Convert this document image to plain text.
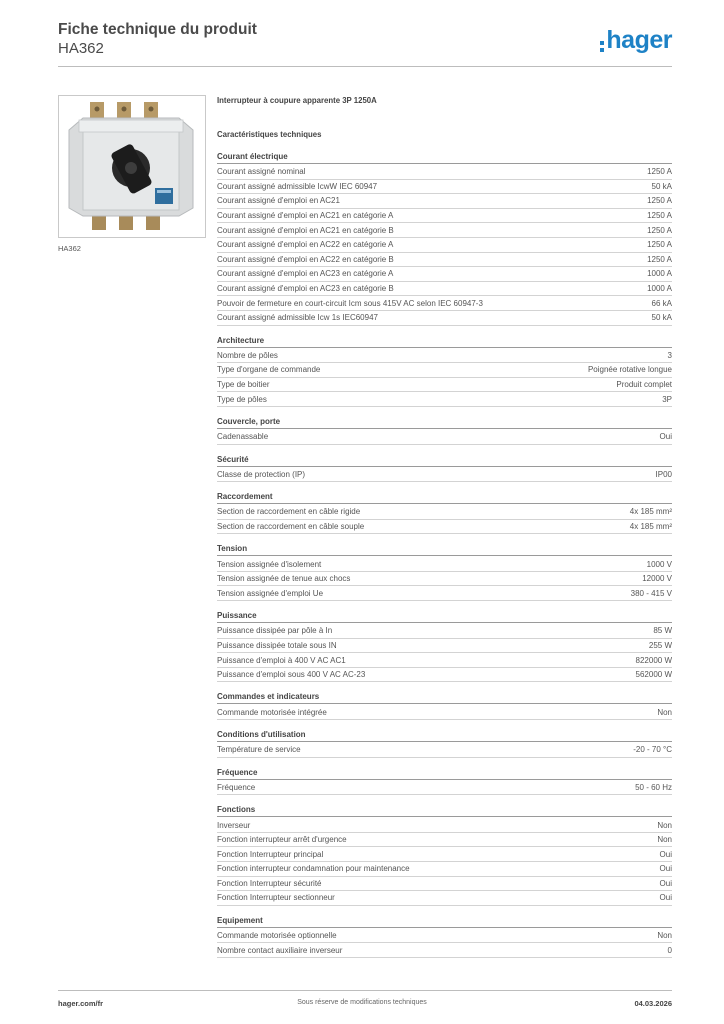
Fiche technique du produit
HA362	hager
HA362
Interrupteur à coupure apparente 3P 1250A
Caractéristiques techniques
Courant électrique
Courant assigné nominal	1250 A
Courant assigné admissible IcwW IEC 60947	50 kA
Courant assigné d'emploi en AC21	1250 A
Courant assigné d'emploi en AC21 en catégorie A	1250 A
Courant assigné d'emploi en AC21 en catégorie B	1250 A
Courant assigné d'emploi en AC22 en catégorie A	1250 A
Courant assigné d'emploi en AC22 en catégorie B	1250 A
Courant assigné d'emploi en AC23 en catégorie A	1000 A
Courant assigné d'emploi en AC23 en catégorie B	1000 A
Pouvoir de fermeture en court-circuit Icm sous 415V AC selon IEC 60947-3	66 kA
Courant assigné admissible Icw 1s IEC60947	50 kA
Architecture
Nombre de pôles	3
Type d'organe de commande	Poignée rotative longue
Type de boitier	Produit complet
Type de pôles	3P
Couvercle, porte
Cadenassable	Oui
Sécurité
Classe de protection (IP)	IP00
Raccordement
Section de raccordement en câble rigide	4x 185 mm²
Section de raccordement en câble souple	4x 185 mm²
Tension
Tension assignée d'isolement	1000 V
Tension assignée de tenue aux chocs	12000 V
Tension assignée d'emploi Ue	380 - 415 V
Puissance
Puissance dissipée par pôle à In	85 W
Puissance dissipée totale sous IN	255 W
Puissance d'emploi à 400 V AC AC1	822000 W
Puissance d'emploi sous 400 V AC AC-23	562000 W
Commandes et indicateurs
Commande motorisée intégrée	Non
Conditions d'utilisation
Température de service	-20 - 70 °C
Fréquence
Fréquence	50 - 60 Hz
Fonctions
Inverseur	Non
Fonction interrupteur arrêt d'urgence	Non
Fonction Interrupteur principal	Oui
Fonction interrupteur condamnation pour maintenance	Oui
Fonction Interrupteur sécurité	Oui
Fonction Interrupteur sectionneur	Oui
Equipement
Commande motorisée optionnelle	Non
Nombre contact auxiliaire inverseur	0
hager.com/fr	Sous réserve de modifications techniques	04.03.2026
